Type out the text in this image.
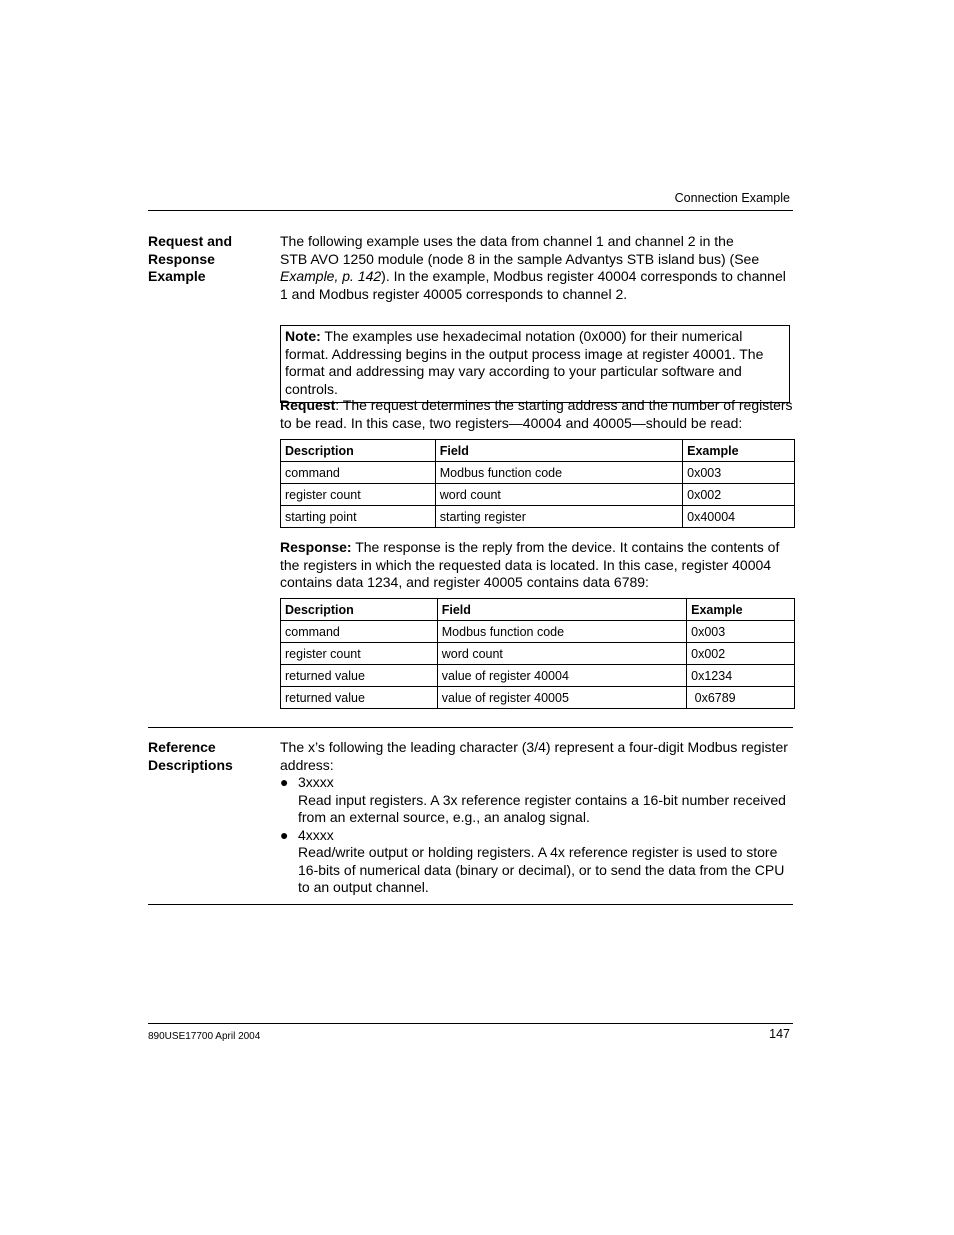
Connection Example
Request and
Response
Example
The following example uses the data from channel 1 and channel 2 in the
STB AVO 1250 module (node 8 in the sample Advantys STB island bus) (See
Example, p. 142). In the example, Modbus register 40004 corresponds to channel 1 and Modbus register 40005 corresponds to channel 2.
Note: The examples use hexadecimal notation (0x000) for their numerical format. Addressing begins in the output process image at register 40001. The format and addressing may vary according to your particular software and controls.
Request: The request determines the starting address and the number of registers to be read. In this case, two registers—40004 and 40005—should be read:
Description	Field	Example
command	Modbus function code	0x003
register count	word count	0x002
starting point	starting register	0x40004
Response: The response is the reply from the device. It contains the contents of the registers in which the requested data is located. In this case, register 40004 contains data 1234, and register 40005 contains data 6789:
Description	Field	Example
command	Modbus function code	0x003
register count	word count	0x002
returned value	value of register 40004	0x1234
returned value	value of register 40005	0x6789
Reference
Descriptions

The x’s following the leading character (3/4) represent a four-digit Modbus register address:

● 3xxxx
Read input registers. A 3x reference register contains a 16-bit number received from an external source, e.g., an analog signal.
● 4xxxx
Read/write output or holding registers. A 4x reference register is used to store 16-bits of numerical data (binary or decimal), or to send the data from the CPU to an output channel.
890USE17700 April 2004	147
